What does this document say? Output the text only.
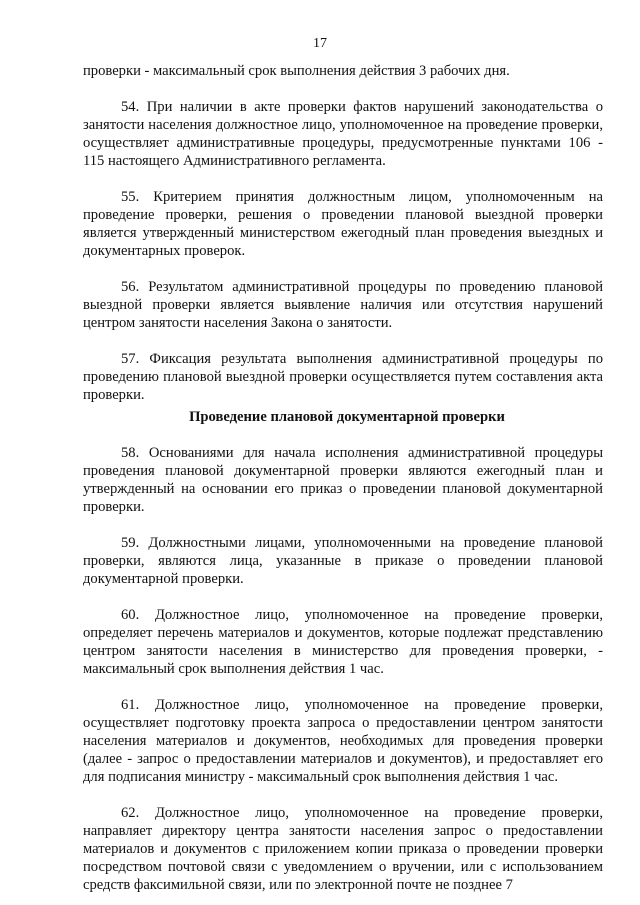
17

проверки - максимальный срок выполнения действия 3 рабочих дня.

54. При наличии в акте проверки фактов нарушений законодательства о занятости населения должностное лицо, уполномоченное на проведение проверки, осуществляет административные процедуры, предусмотренные пунктами 106 - 115 настоящего Административного регламента.

55. Критерием принятия должностным лицом, уполномоченным на проведение проверки, решения о проведении плановой выездной проверки является утвержденный министерством ежегодный план проведения выездных и документарных проверок.

56. Результатом административной процедуры по проведению плановой выездной проверки является выявление наличия или отсутствия нарушений центром занятости населения Закона о занятости.

57. Фиксация результата выполнения административной процедуры по проведению плановой выездной проверки осуществляется путем составления акта проверки.

Проведение плановой документарной проверки

58. Основаниями для начала исполнения административной процедуры проведения плановой документарной проверки являются ежегодный план и утвержденный на основании его приказ о проведении плановой документарной проверки.

59. Должностными лицами, уполномоченными на проведение плановой проверки, являются лица, указанные в приказе о проведении плановой документарной проверки.

60. Должностное лицо, уполномоченное на проведение проверки, определяет перечень материалов и документов, которые подлежат представлению центром занятости населения в министерство для проведения проверки, - максимальный срок выполнения действия 1 час.

61. Должностное лицо, уполномоченное на проведение проверки, осуществляет подготовку проекта запроса о предоставлении центром занятости населения материалов и документов, необходимых для проведения проверки (далее - запрос о предоставлении материалов и документов), и предоставляет его для подписания министру - максимальный срок выполнения действия 1 час.

62. Должностное лицо, уполномоченное на проведение проверки, направляет директору центра занятости населения запрос о предоставлении материалов и документов с приложением копии приказа о проведении проверки посредством почтовой связи с уведомлением о вручении, или с использованием средств факсимильной связи, или по электронной почте не позднее 7
